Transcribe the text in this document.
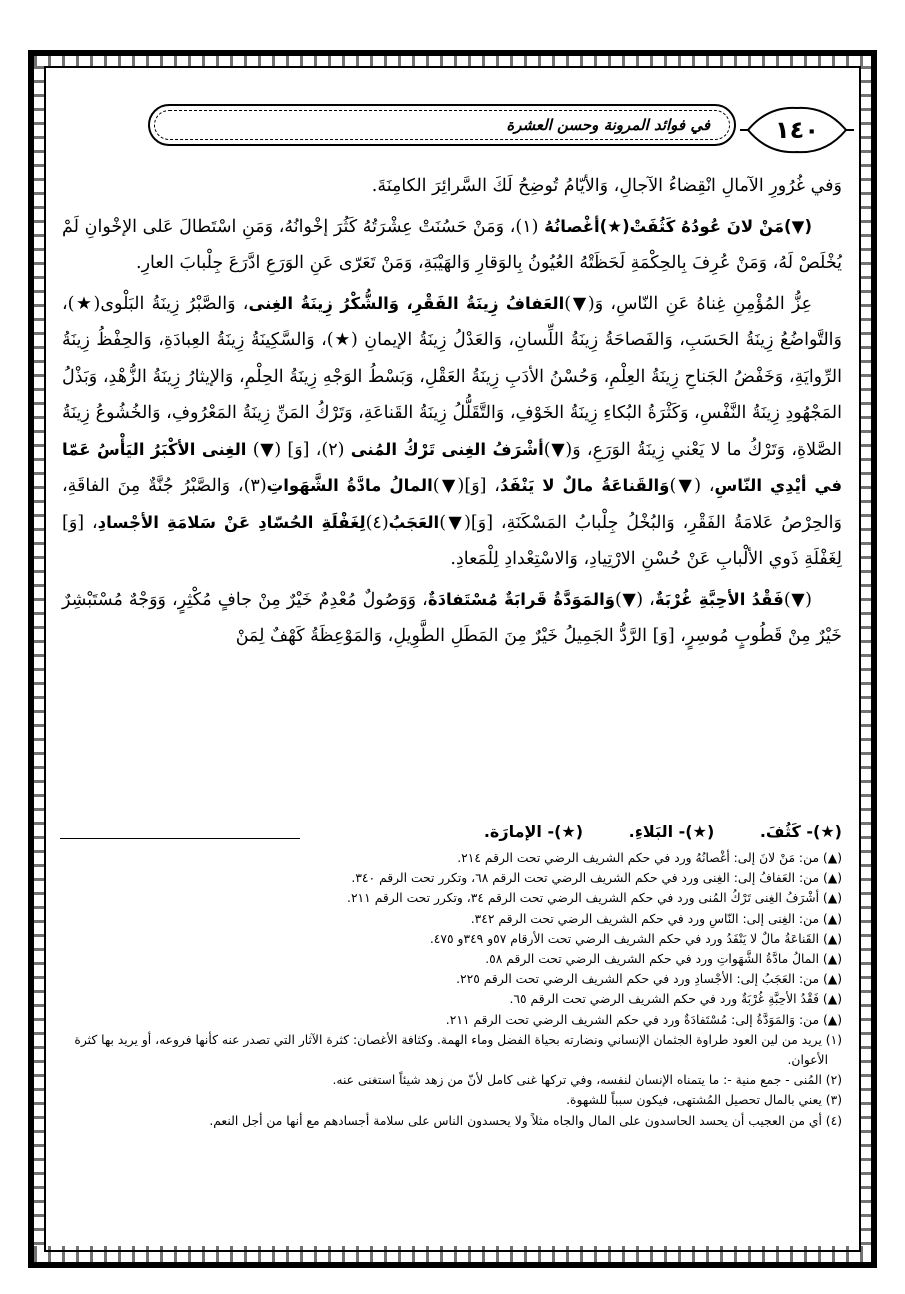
في فوائد المرونة وحسن العشرة	١٤٠

وَفي غُرُورِ الآمالِ انْقِضاءُ الآجالِ، وَالأيّامُ تُوضِحُ لَكَ السَّرائِرَ الكامِنَةَ.

(▼)مَنْ لانَ عُودُهُ كَثُفَتْ(★)أغْصانُهُ (١)، وَمَنْ حَسُنَتْ عِشْرَتُهُ كَثُرَ إخْوانُهُ، وَمَنِ اسْتَطالَ عَلى الإخْوانِ لَمْ يُخْلَصْ لَهُ، وَمَنْ عُرِفَ بِالحِكْمَةِ لَحَظَتْهُ العُيُونُ بِالوَقارِ وَالهَيْبَةِ، وَمَنْ تَعَرّى عَنِ الوَرَعِ ادَّرَعَ جِلْبابَ العارِ.

عِزُّ المُؤْمِنِ غِناهُ عَنِ النّاسِ، وَ(▼)العَفافُ زِينَةُ الفَقْرِ، وَالشُّكْرُ زِينَةُ الغِنى، وَالصَّبْرُ زِينَةُ البَلْوى(★)، وَالتَّواضُعُ زِينَةُ الحَسَبِ، وَالفَصاحَةُ زِينَةُ اللِّسانِ، وَالعَدْلُ زِينَةُ الإيمانِ (★)، وَالسَّكِينَةُ زِينَةُ العِبادَةِ، وَالحِفْظُ زِينَةُ الرِّوايَةِ، وَخَفْضُ الجَناحِ زِينَةُ العِلْمِ، وَحُسْنُ الأدَبِ زِينَةُ العَقْلِ، وَبَسْطُ الوَجْهِ زِينَةُ الحِلْمِ، وَالإيثارُ زِينَةُ الزُّهْدِ، وَبَذْلُ المَجْهُودِ زِينَةُ النَّفْسِ، وَكَثْرَةُ البُكاءِ زِينَةُ الخَوْفِ، وَالتَّقَلُّلُ زِينَةُ القَناعَةِ، وَتَرْكُ المَنِّ زِينَةُ المَعْرُوفِ، وَالخُشُوعُ زِينَةُ الصَّلاةِ، وَتَرْكُ ما لا يَعْني زِينَةُ الوَرَعِ، وَ(▼)أشْرَفُ الغِنى تَرْكُ المُنى (٢)، [وَ] (▼) الغِنى الأكْبَرُ اليَأْسُ عَمّا في أيْدِي النّاسِ، (▼)وَالقَناعَةُ مالٌ لا يَنْفَدُ، [وَ](▼)المالُ مادَّةُ الشَّهَواتِ(٣)، وَالصَّبْرُ جُنَّةٌ مِنَ الفاقَةِ، وَالحِرْصُ عَلامَةُ الفَقْرِ، وَالبُخْلُ جِلْبابُ المَسْكَنَةِ، [وَ](▼)العَجَبُ(٤)لِغَفْلَةِ الحُسّادِ عَنْ سَلامَةِ الأجْسادِ، [وَ] لِغَفْلَةِ ذَوي الألْبابِ عَنْ حُسْنِ الارْتِيادِ، وَالاسْتِعْدادِ لِلْمَعادِ.

(▼)فَقْدُ الأحِبَّةِ غُرْبَةٌ، (▼)وَالمَوَدَّةُ قَرابَةٌ مُسْتَفادَةٌ، وَوَصُولٌ مُعْدِمٌ خَيْرٌ مِنْ جافٍ مُكْثِرٍ، وَوَجْهٌ مُسْتَبْشِرٌ خَيْرٌ مِنْ قَطُوبٍ مُوسِرٍ، [وَ] الرَّدُّ الجَمِيلُ خَيْرٌ مِنَ المَطَلِ الطَّوِيلِ، وَالمَوْعِظَةُ كَهْفٌ لِمَنْ

(★)- كَثُفَ. (★)- البَلاءِ. (★)- الإمارَة.
(▲) من: مَنْ لانَ إلى: أغْصانُهُ ورد في حكم الشريف الرضي تحت الرقم ٢١٤.
(▲) من: العَفافُ إلى: الغِنى ورد في حكم الشريف الرضي تحت الرقم ٦٨، وتكرر تحت الرقم ٣٤٠.
(▲) أشْرَفُ الغِنى تَرْكُ المُنى ورد في حكم الشريف الرضي تحت الرقم ٣٤، وتكرر تحت الرقم ٢١١.
(▲) من: الغِنى إلى: النّاسِ ورد في حكم الشريف الرضي تحت الرقم ٣٤٢.
(▲) القَناعَةُ مالٌ لا يَنْفَدُ ورد في حكم الشريف الرضي تحت الأرقام ٥٧و ٣٤٩و ٤٧٥.
(▲) المالُ مادَّةُ الشَّهَواتِ ورد في حكم الشريف الرضي تحت الرقم ٥٨.
(▲) من: العَجَبُ إلى: الأجْسادِ ورد في حكم الشريف الرضي تحت الرقم ٢٢٥.
(▲) فَقْدُ الأحِبَّةِ غُرْبَةٌ ورد في حكم الشريف الرضي تحت الرقم ٦٥.
(▲) من: وَالمَوَدَّةُ إلى: مُسْتَفادَةٌ ورد في حكم الشريف الرضي تحت الرقم ٢١١.
(١) يريد من لين العود طراوة الجثمان الإنساني ونضارته بحياة الفضل وماء الهمة. وكثافة الأغصان: كثرة الآثار التي تصدر عنه كأنها فروعه، أو يريد بها كثرة الأعوان.
(٢) المُنى - جمع منية -: ما يتمناه الإنسان لنفسه، وفي تركها غنى كامل لأنّ من زهد شيئاً استغنى عنه.
(٣) يعني بالمال تحصيل المُشتهى، فيكون سبباً للشهوة.
(٤) أي من العجيب أن يحسد الحاسدون على المال والجاه مثلاً ولا يحسدون الناس على سلامة أجسادهم مع أنها من أجل النعم.
